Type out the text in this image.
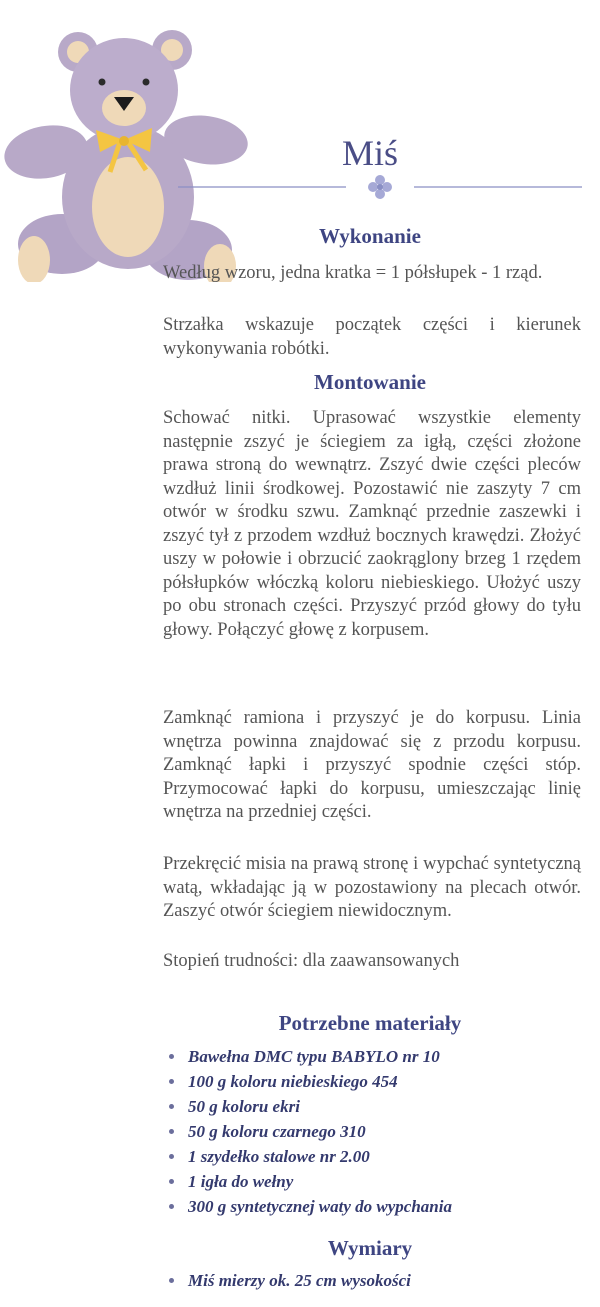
Miś
Wykonanie

Według wzoru, jedna kratka = 1 półsłupek - 1 rząd.

Strzałka wskazuje początek części i kierunek wykonywania robótki.

Montowanie

Schować nitki. Uprasować wszystkie elementy następnie zszyć je ściegiem za igłą, części złożone prawa stroną do wewnątrz. Zszyć dwie części pleców wzdłuż linii środkowej. Pozostawić nie zaszyty 7 cm otwór w środku szwu. Zamknąć przednie zaszewki i zszyć tył z przodem wzdłuż bocznych krawędzi. Złożyć uszy w połowie i obrzucić zaokrąglony brzeg 1 rzędem półsłupków włóczką koloru niebieskiego. Ułożyć uszy po obu stronach części. Przyszyć przód głowy do tyłu głowy. Połączyć głowę z korpusem.

Zamknąć ramiona i przyszyć je do korpusu. Linia wnętrza powinna znajdować się z przodu korpusu. Zamknąć łapki i przyszyć spodnie części stóp. Przymocować łapki do korpusu, umieszczając linię wnętrza na przedniej części.

Przekręcić misia na prawą stronę i wypchać syntetyczną watą, wkładając ją w pozostawiony na plecach otwór. Zaszyć otwór ściegiem niewidocznym.

Stopień trudności: dla zaawansowanych

Potrzebne materiały
Bawełna DMC typu BABYLO nr 10
100 g koloru niebieskiego 454
50 g koloru ekri
50 g koloru czarnego 310
1 szydełko stalowe nr 2.00
1 igła do wełny
300 g syntetycznej waty do wypchania
Wymiary
Miś mierzy ok. 25 cm wysokości
